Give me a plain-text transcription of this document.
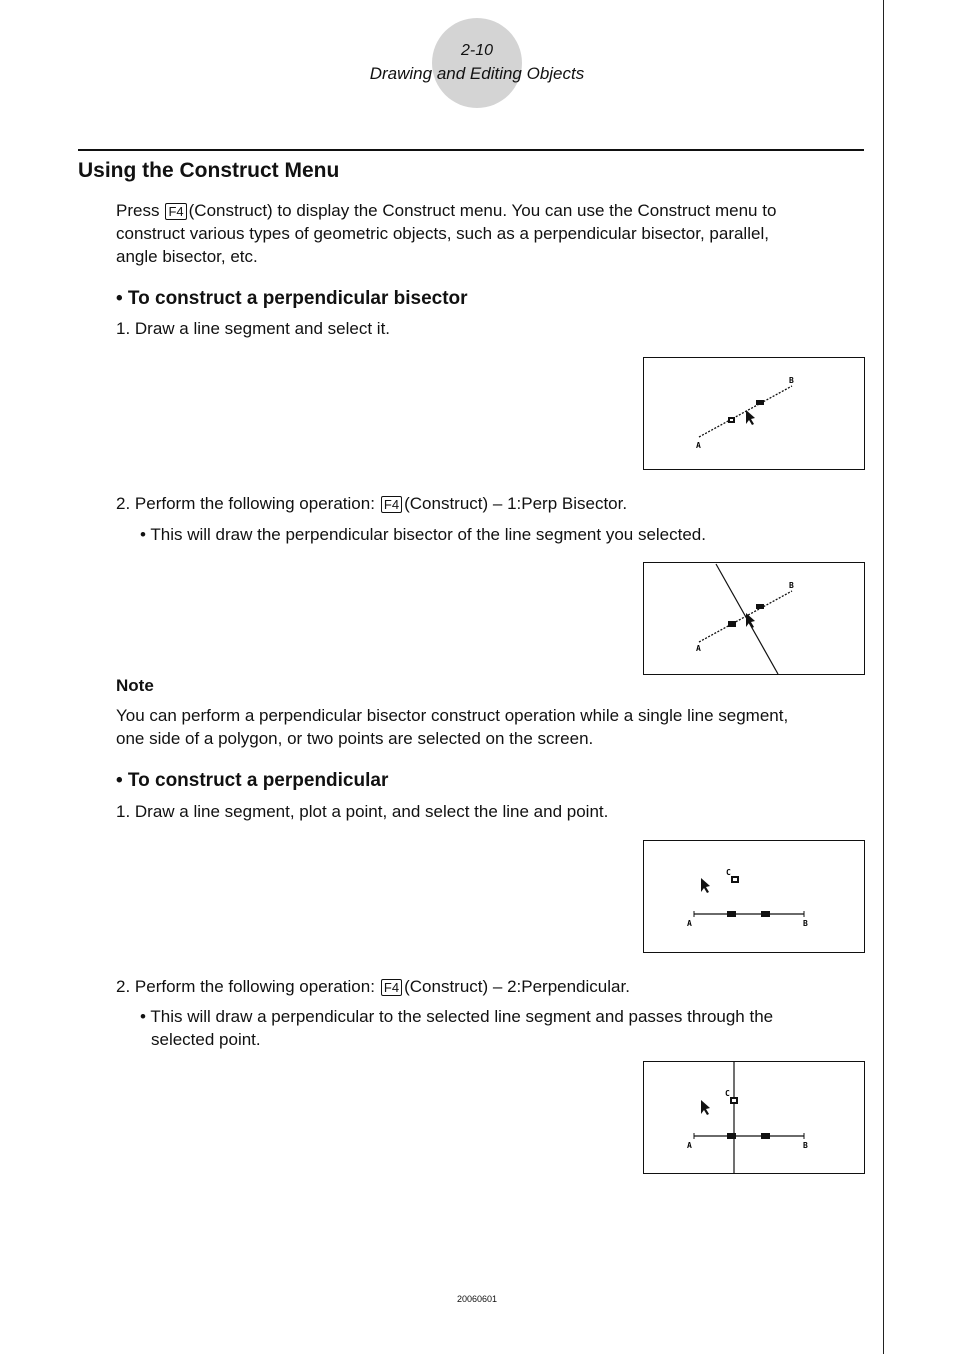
2-10
Drawing and Editing Objects
Using the Construct Menu
Press F4 (Construct) to display the Construct menu. You can use the Construct menu to
construct various types of geometric objects, such as a perpendicular bisector, parallel,
angle bisector, etc.
• To construct a perpendicular bisector
1. Draw a line segment and select it.
A
B
2. Perform the following operation: F4 (Construct) – 1:Perp Bisector.
• This will draw the perpendicular bisector of the line segment you selected.
A
B
Note
You can perform a perpendicular bisector construct operation while a single line segment,
one side of a polygon, or two points are selected on the screen.
• To construct a perpendicular
1. Draw a line segment, plot a point, and select the line and point.
A	B
C
2. Perform the following operation: F4 (Construct) – 2:Perpendicular.
• This will draw a perpendicular to the selected line segment and passes through the
selected point.
A	B
C
20060601
